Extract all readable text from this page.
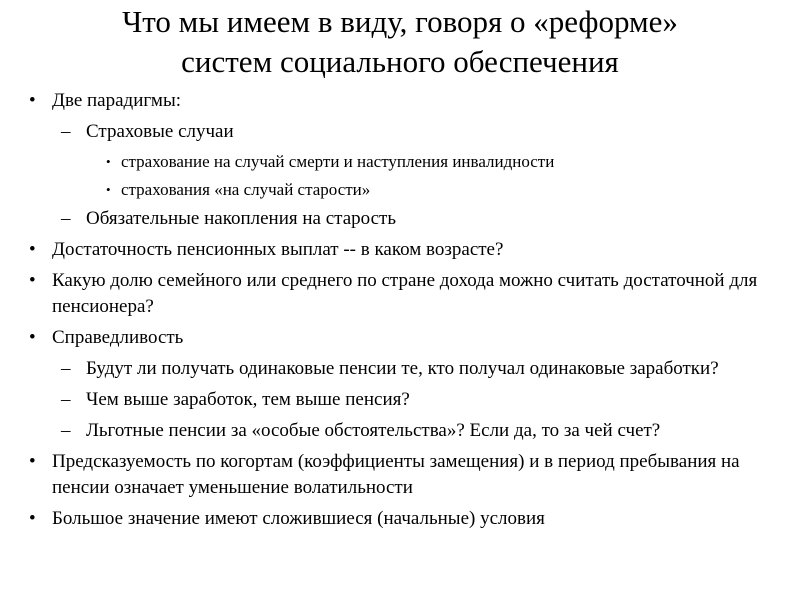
Что мы имеем в виду, говоря о «реформе»
систем социального обеспечения
• Две парадигмы:
– Страховые случаи
• страхование на случай смерти и наступления инвалидности
• страхования «на случай старости»
– Обязательные накопления на старость
• Достаточность пенсионных выплат -- в каком возрасте?
• Какую долю семейного или среднего по стране дохода можно считать достаточной для пенсионера?
• Справедливость
– Будут ли получать одинаковые пенсии те, кто получал одинаковые заработки?
– Чем выше заработок, тем выше пенсия?
– Льготные пенсии за «особые обстоятельства»? Если да, то за чей счет?
• Предсказуемость по когортам (коэффициенты замещения) и в период пребывания на пенсии означает уменьшение волатильности
• Большое значение имеют сложившиеся (начальные) условия
